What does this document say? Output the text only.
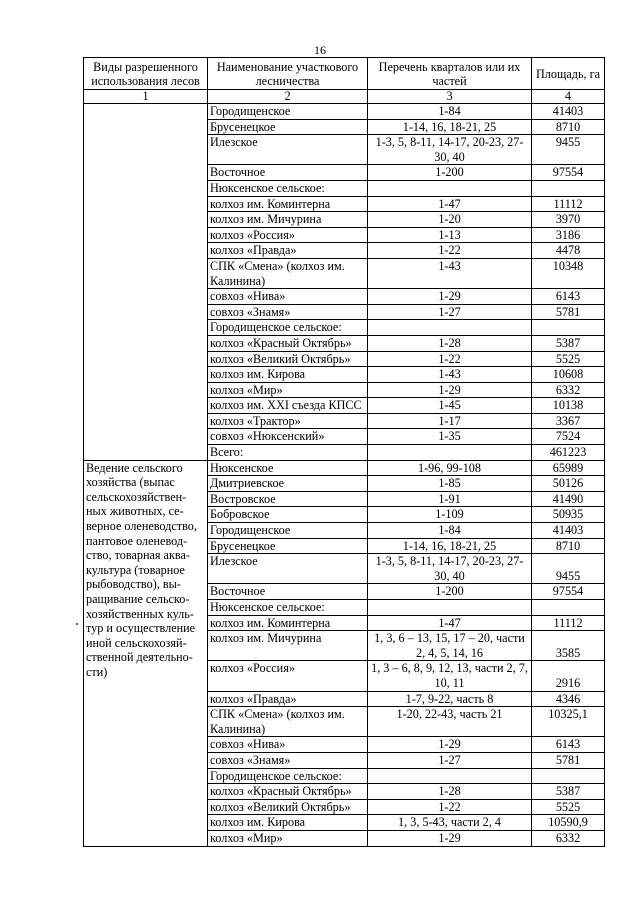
16
Виды разрешенного использования лесов	Наименование участкового лесничества	Перечень кварталов или их частей	Площадь, га
1	2	3	4
	Городищенское	1-84	41403
	Брусенецкое	1-14, 16, 18-21, 25	8710
	Илезское	1-3, 5, 8-11, 14-17, 20-23, 27-30, 40	9455
	Восточное	1-200	97554
	Нюксенское сельское:		
	колхоз им. Коминтерна	1-47	11112
	колхоз им. Мичурина	1-20	3970
	колхоз «Россия»	1-13	3186
	колхоз «Правда»	1-22	4478
	СПК «Смена» (колхоз им. Калинина)	1-43	10348
	совхоз «Нива»	1-29	6143
	совхоз «Знамя»	1-27	5781
	Городищенское сельское:		
	колхоз «Красный Октябрь»	1-28	5387
	колхоз «Великий Октябрь»	1-22	5525
	колхоз им. Кирова	1-43	10608
	колхоз «Мир»	1-29	6332
	колхоз им. XXI съезда КПСС	1-45	10138
	колхоз «Трактор»	1-17	3367
	совхоз «Нюксенский»	1-35	7524
	Всего:		461223
Ведение сельского хозяйства (выпас сельскохозяйствен-ных животных, се-верное оленеводство, пантовое оленевод-ство, товарная аква-культура (товарное рыбоводство), вы-ращивание сельско-хозяйственных куль-тур и осуществление иной сельскохозяй-ственной деятельно-сти)	Нюксенское	1-96, 99-108	65989
	Дмитриевское	1-85	50126
	Востровское	1-91	41490
	Бобровское	1-109	50935
	Городищенское	1-84	41403
	Брусенецкое	1-14, 16, 18-21, 25	8710
	Илезское	1-3, 5, 8-11, 14-17, 20-23, 27-30, 40	9455
	Восточное	1-200	97554
	Нюксенское сельское:		
	колхоз им. Коминтерна	1-47	11112
	колхоз им. Мичурина	1, 3, 6 – 13, 15, 17 – 20, части 2, 4, 5, 14, 16	3585
	колхоз «Россия»	1, 3 – 6, 8, 9, 12, 13, части 2, 7, 10, 11	2916
	колхоз «Правда»	1-7, 9-22, часть 8	4346
	СПК «Смена» (колхоз им. Калинина)	1-20, 22-43, часть 21	10325,1
	совхоз «Нива»	1-29	6143
	совхоз «Знамя»	1-27	5781
	Городищенское сельское:		
	колхоз «Красный Октябрь»	1-28	5387
	колхоз «Великий Октябрь»	1-22	5525
	колхоз им. Кирова	1, 3, 5-43, части 2, 4	10590,9
	колхоз «Мир»	1-29	6332
